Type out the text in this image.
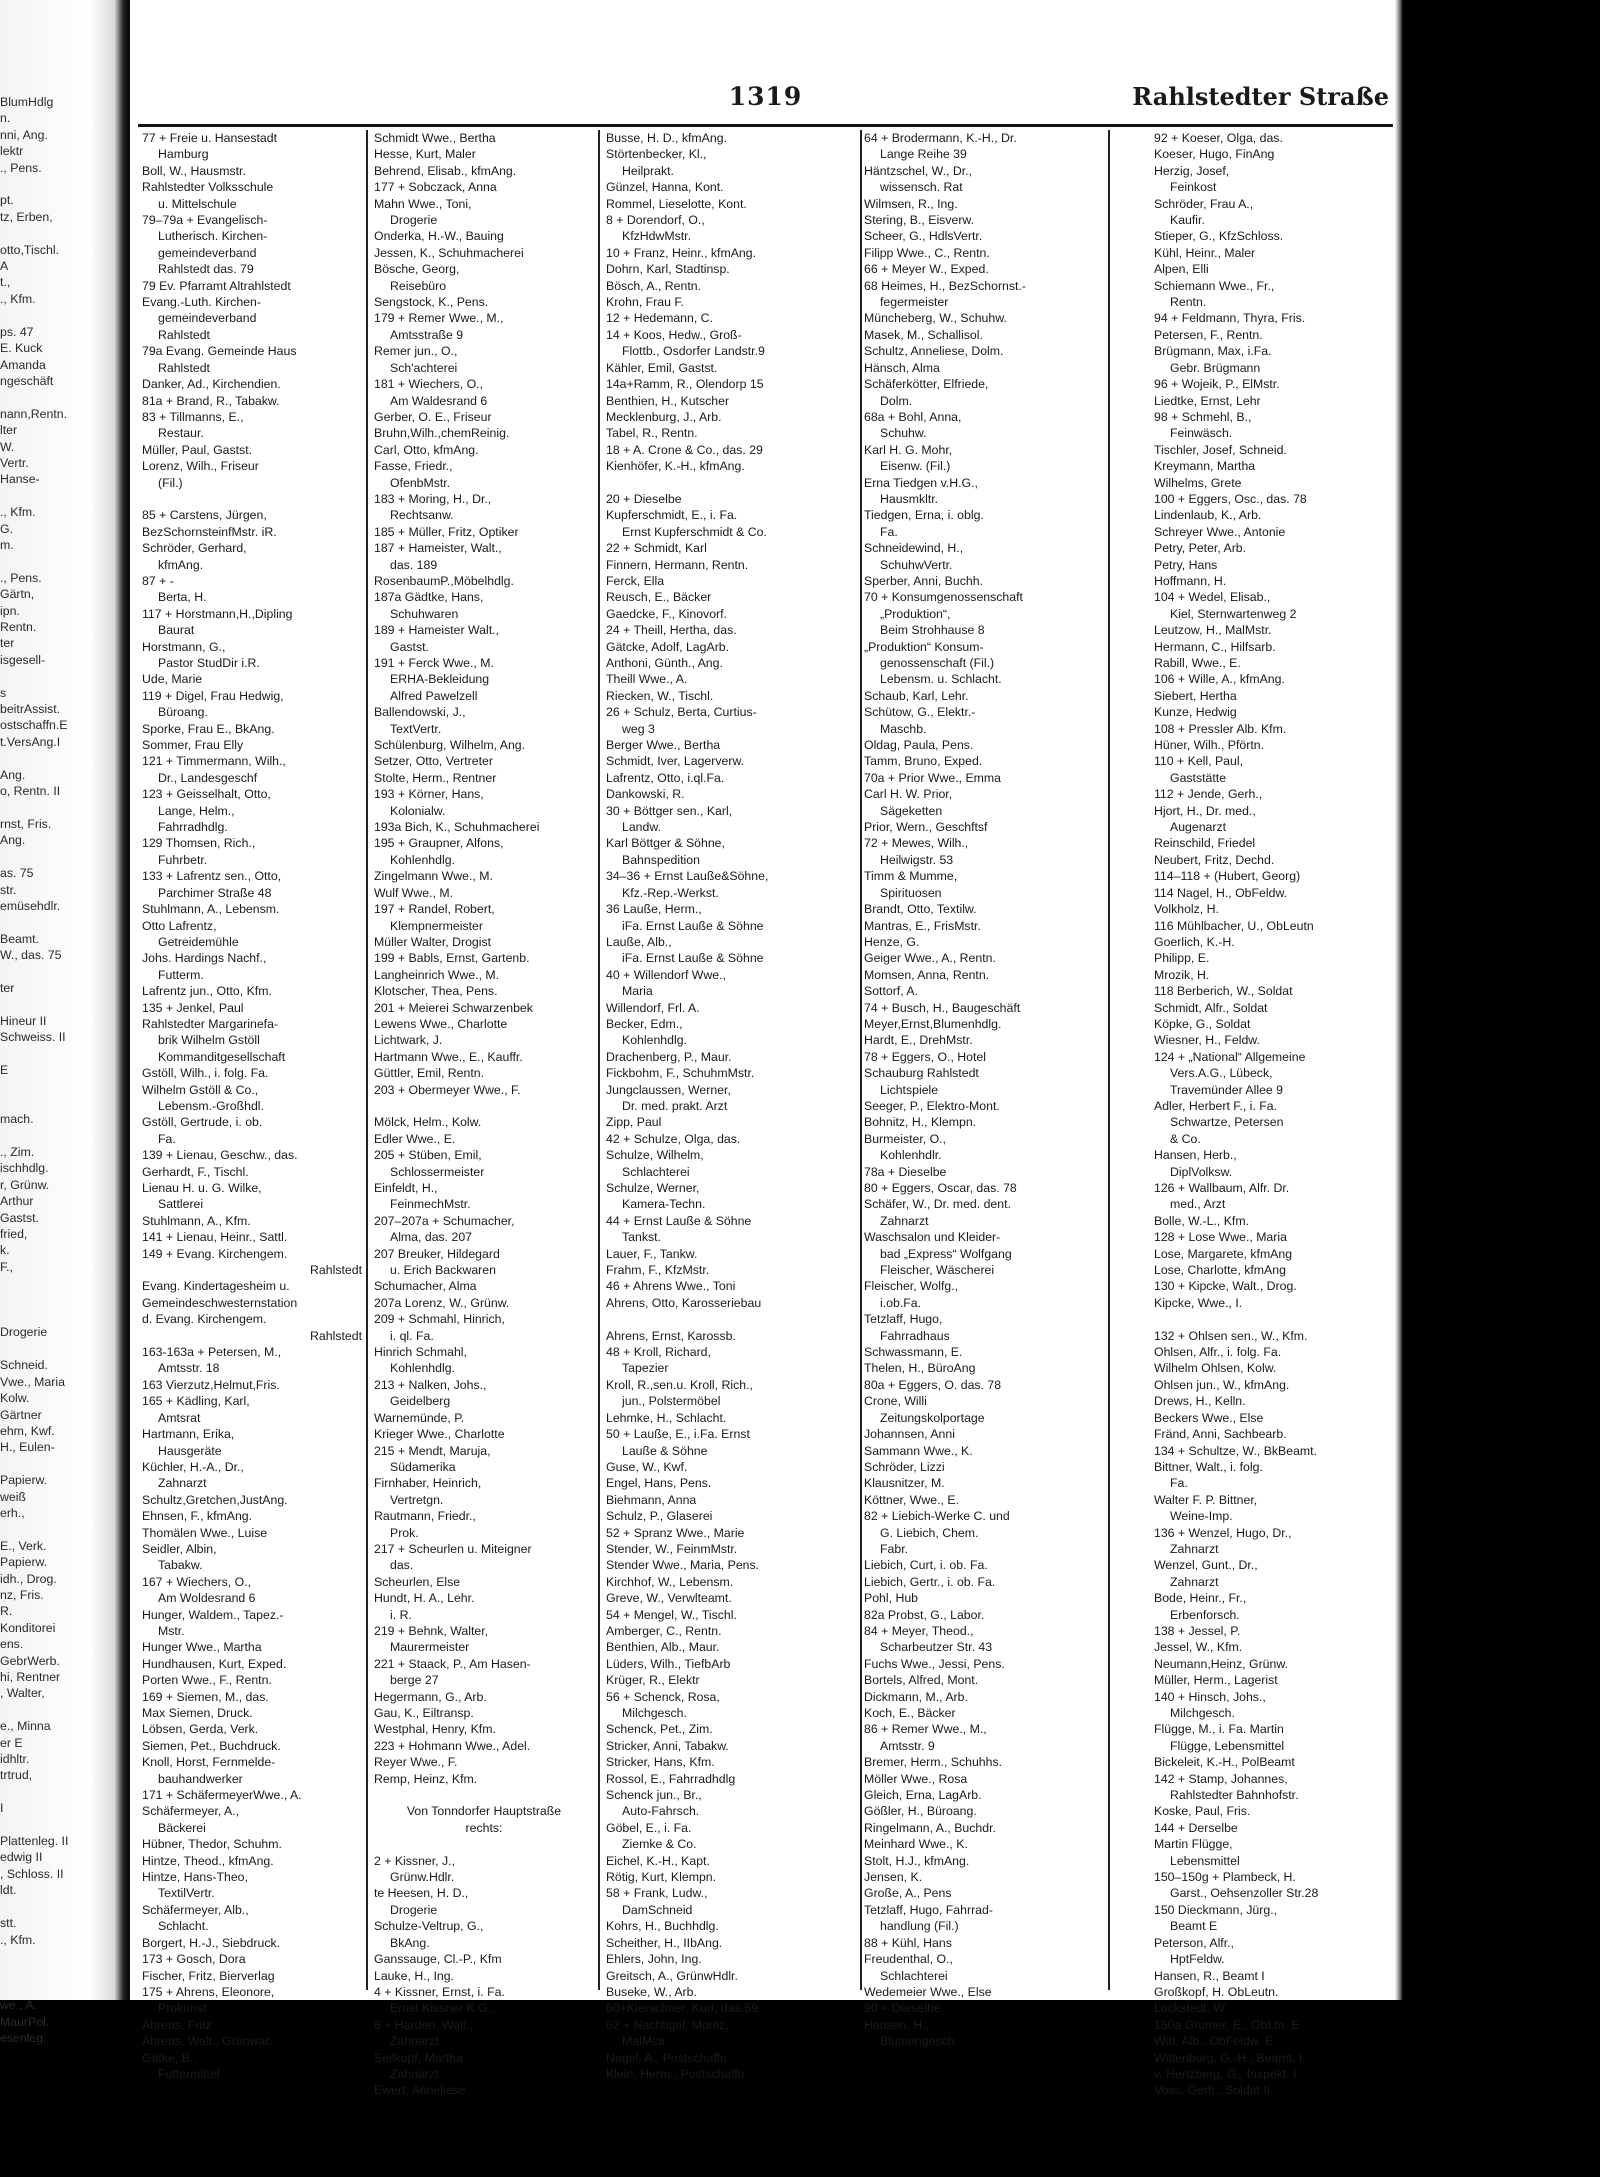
BlumHdlg
n.
nni, Ang.
lektr
., Pens.

pt.
tz, Erben,

otto,Tischl.
A
t.,
., Kfm.

ps. 47
E. Kuck
Amanda
ngeschäft

nann,Rentn.
lter
W.
Vertr.
Hanse-

., Kfm.
G.
m.

., Pens.
Gärtn,
ipn.
Rentn.
ter
isgesell-

s
beitrAssist.
ostschaffn.E
t.VersAng.I

Ang.
o, Rentn. II

rnst, Fris.
Ang.

as. 75
str.
emüsehdlr.

Beamt.
W., das. 75

ter

Hineur II
Schweiss. II

E

mach.

., Zim.
ischhdlg.
r, Grünw.
Arthur
Gastst.
fried,
k.
F.,

Drogerie

Schneid.
Vwe., Maria
Kolw.
Gärtner
ehm, Kwf.
H., Eulen-

Papierw.
weiß
erh.,

E., Verk.
Papierw.
idh., Drog.
nz, Fris.
R.
Konditorei
ens.
GebrWerb.
hi, Rentner
, Walter,

e., Minna
er E
idhltr.
trtrud,

I

Plattenleg. II
edwig II
, Schloss. II
ldt.

stt.
., Kfm.

we., A.
MaurPol.
esenleg.
1319	Rahlstedter Straße
77 + Freie u. Hansestadt
Hamburg
Boll, W., Hausmstr.
Rahlstedter Volksschule
u. Mittelschule
79–79a + Evangelisch-
Lutherisch. Kirchen-
gemeindeverband
Rahlstedt das. 79
79 Ev. Pfarramt Altrahlstedt
Evang.-Luth. Kirchen-
gemeindeverband
Rahlstedt
79a Evang. Gemeinde Haus
Rahlstedt
Danker, Ad., Kirchendien.
81a + Brand, R., Tabakw.
83 + Tillmanns, E.,
Restaur.
Müller, Paul, Gastst.
Lorenz, Wilh., Friseur
(Fil.)

85 + Carstens, Jürgen,
BezSchornsteinfMstr. iR.
Schröder, Gerhard,
kfmAng.
87 + -
Berta, H.
117 + Horstmann,H.,Dipling
Baurat
Horstmann, G.,
Pastor StudDir i.R.
Ude, Marie
119 + Digel, Frau Hedwig,
Büroang.
Sporke, Frau E., BkAng.
Sommer, Frau Elly
121 + Timmermann, Wilh.,
Dr., Landesgeschf
123 + Geisselhalt, Otto,
Lange, Helm.,
Fahrradhdlg.
129 Thomsen, Rich.,
Fuhrbetr.
133 + Lafrentz sen., Otto,
Parchimer Straße 48
Stuhlmann, A., Lebensm.
Otto Lafrentz,
Getreidemühle
Johs. Hardings Nachf.,
Futterm.
Lafrentz jun., Otto, Kfm.
135 + Jenkel, Paul
Rahlstedter Margarinefa-
brik Wilhelm Gstöll
Kommanditgesellschaft
Gstöll, Wilh., i. folg. Fa.
Wilhelm Gstöll & Co.,
Lebensm.-Großhdl.
Gstöll, Gertrude, i. ob.
Fa.
139 + Lienau, Geschw., das.
Gerhardt, F., Tischl.
Lienau H. u. G. Wilke,
Sattlerei
Stuhlmann, A., Kfm.
141 + Lienau, Heinr., Sattl.
149 + Evang. Kirchengem.
Rahlstedt
Evang. Kindertagesheim u.
Gemeindeschwesternstation
d. Evang. Kirchengem.
Rahlstedt
163-163a + Petersen, M.,
Amtsstr. 18
163 Vierzutz,Helmut,Fris.
165 + Kädling, Karl,
Amtsrat
Hartmann, Erika,
Hausgeräte
Küchler, H.-A., Dr.,
Zahnarzt
Schultz,Gretchen,JustAng.
Ehnsen, F., kfmAng.
Thomälen Wwe., Luise
Seidler, Albin,
Tabakw.
167 + Wiechers, O.,
Am Woldesrand 6
Hunger, Waldem., Tapez.-
Mstr.
Hunger Wwe., Martha
Hundhausen, Kurt, Exped.
Porten Wwe., F., Rentn.
169 + Siemen, M., das.
Max Siemen, Druck.
Löbsen, Gerda, Verk.
Siemen, Pet., Buchdruck.
Knoll, Horst, Fernmelde-
bauhandwerker
171 + SchäfermeyerWwe., A.
Schäfermeyer, A.,
Bäckerei
Hübner, Thedor, Schuhm.
Hintze, Theod., kfmAng.
Hintze, Hans-Theo,
TextilVertr.
Schäfermeyer, Alb.,
Schlacht.
Borgert, H.-J., Siebdruck.
173 + Gosch, Dora
Fischer, Fritz, Bierverlag
175 + Ahrens, Eleonore,
Prokurist.
Ahrens, Fritz
Ahrens, Walt., Grünwar.
Gätke, B.,
Futtermittel
Schmidt Wwe., Bertha
Hesse, Kurt, Maler
Behrend, Elisab., kfmAng.
177 + Sobczack, Anna
Mahn Wwe., Toni,
Drogerie
Onderka, H.-W., Bauing
Jessen, K., Schuhmacherei
Bösche, Georg,
Reisebüro
Sengstock, K., Pens.
179 + Remer Wwe., M.,
Amtsstraße 9
Remer jun., O.,
Sch'achterei
181 + Wiechers, O.,
Am Waldesrand 6
Gerber, O. E., Friseur
Bruhn,Wilh.,chemReinig.
Carl, Otto, kfmAng.
Fasse, Friedr.,
OfenbMstr.
183 + Moring, H., Dr.,
Rechtsanw.
185 + Müller, Fritz, Optiker
187 + Hameister, Walt.,
das. 189
RosenbaumP.,Möbelhdlg.
187a Gädtke, Hans,
Schuhwaren
189 + Hameister Walt.,
Gastst.
191 + Ferck Wwe., M.
ERHA-Bekleidung
Alfred Pawelzell
Ballendowski, J.,
TextVertr.
Schülenburg, Wilhelm, Ang.
Setzer, Otto, Vertreter
Stolte, Herm., Rentner
193 + Körner, Hans,
Kolonialw.
193a Bich, K., Schuhmacherei
195 + Graupner, Alfons,
Kohlenhdlg.
Zingelmann Wwe., M.
Wulf Wwe., M.
197 + Randel, Robert,
Klempnermeister
Müller Walter, Drogist
199 + Babls, Ernst, Gartenb.
Langheinrich Wwe., M.
Klotscher, Thea, Pens.
201 + Meierei Schwarzenbek
Lewens Wwe., Charlotte
Lichtwark, J.
Hartmann Wwe., E., Kauffr.
Güttler, Emil, Rentn.
203 + Obermeyer Wwe., F.

Mölck, Helm., Kolw.
Edler Wwe., E.
205 + Stüben, Emil,
Schlossermeister
Einfeldt, H.,
FeinmechMstr.
207–207a + Schumacher,
Alma, das. 207
207 Breuker, Hildegard
u. Erich Backwaren
Schumacher, Alma
207a Lorenz, W., Grünw.
209 + Schmahl, Hinrich,
i. ql. Fa.
Hinrich Schmahl,
Kohlenhdlg.
213 + Nalken, Johs.,
Geidelberg
Warnemünde, P.
Krieger Wwe., Charlotte
215 + Mendt, Maruja,
Südamerika
Firnhaber, Heinrich,
Vertretgn.
Rautmann, Friedr.,
Prok.
217 + Scheurlen u. Miteigner
das.
Scheurlen, Else
Hundt, H. A., Lehr.
i. R.
219 + Behnk, Walter,
Maurermeister
221 + Staack, P., Am Hasen-
berge 27
Hegermann, G., Arb.
Gau, K., Eiltransp.
Westphal, Henry, Kfm.
223 + Hohmann Wwe., Adel.
Reyer Wwe., F.
Remp, Heinz, Kfm.

Von Tonndorfer Hauptstraße
rechts:

2 + Kissner, J.,
Grünw.Hdlr.
te Heesen, H. D.,
Drogerie
Schulze-Veltrup, G.,
BkAng.
Ganssauge, Cl.-P., Kfm
Lauke, H., Ing.
4 + Kissner, Ernst, i. Fa.
Ernst Kissner K.G.,
6 + Harden, Walt.,
Zahnarzt
Seilkopf, Martha
Zahnärzt.
Ewert, Anneliese
Busse, H. D., kfmAng.
Störtenbecker, Kl.,
Heilprakt.
Günzel, Hanna, Kont.
Rommel, Lieselotte, Kont.
8 + Dorendorf, O.,
KfzHdwMstr.
10 + Franz, Heinr., kfmAng.
Dohrn, Karl, Stadtinsp.
Bösch, A., Rentn.
Krohn, Frau F.
12 + Hedemann, C.
14 + Koos, Hedw., Groß-
Flottb., Osdorfer Landstr.9
Kähler, Emil, Gastst.
14a+Ramm, R., Olendorp 15
Benthien, H., Kutscher
Mecklenburg, J., Arb.
Tabel, R., Rentn.
18 + A. Crone & Co., das. 29
Kienhöfer, K.-H., kfmAng.

20 + Dieselbe
Kupferschmidt, E., i. Fa.
Ernst Kupferschmidt & Co.
22 + Schmidt, Karl
Finnern, Hermann, Rentn.
Ferck, Ella
Reusch, E., Bäcker
Gaedcke, F., Kinovorf.
24 + Theill, Hertha, das.
Gätcke, Adolf, LagArb.
Anthoni, Günth., Ang.
Theill Wwe., A.
Riecken, W., Tischl.
26 + Schulz, Berta, Curtius-
weg 3
Berger Wwe., Bertha
Schmidt, Iver, Lagerverw.
Lafrentz, Otto, i.ql.Fa.
Dankowski, R.
30 + Böttger sen., Karl,
Landw.
Karl Böttger & Söhne,
Bahnspedition
34–36 + Ernst Lauße&Söhne,
Kfz.-Rep.-Werkst.
36 Lauße, Herm.,
iFa. Ernst Lauße & Söhne
Lauße, Alb.,
iFa. Ernst Lauße & Söhne
40 + Willendorf Wwe.,
Maria
Willendorf, Frl. A.
Becker, Edm.,
Kohlenhdlg.
Drachenberg, P., Maur.
Fickbohm, F., SchuhmMstr.
Jungclaussen, Werner,
Dr. med. prakt. Arzt
Zipp, Paul
42 + Schulze, Olga, das.
Schulze, Wilhelm,
Schlachterei
Schulze, Werner,
Kamera-Techn.
44 + Ernst Lauße & Söhne
Tankst.
Lauer, F., Tankw.
Frahm, F., KfzMstr.
46 + Ahrens Wwe., Toni
Ahrens, Otto, Karosseriebau

Ahrens, Ernst, Karossb.
48 + Kroll, Richard,
Tapezier
Kroll, R.,sen.u. Kroll, Rich.,
jun., Polstermöbel
Lehmke, H., Schlacht.
50 + Lauße, E., i.Fa. Ernst
Lauße & Söhne
Guse, W., Kwf.
Engel, Hans, Pens.
Biehmann, Anna
Schulz, P., Glaserei
52 + Spranz Wwe., Marie
Stender, W., FeinmMstr.
Stender Wwe., Maria, Pens.
Kirchhof, W., Lebensm.
Greve, W., Verwlteamt.
54 + Mengel, W., Tischl.
Amberger, C., Rentn.
Benthien, Alb., Maur.
Lüders, Wilh., TiefbArb
Krüger, R., Elektr
56 + Schenck, Rosa,
Milchgesch.
Schenck, Pet., Zim.
Stricker, Anni, Tabakw.
Stricker, Hans, Kfm.
Rossol, E., Fahrradhdlg
Schenck jun., Br.,
Auto-Fahrsch.
Göbel, E., i. Fa.
Ziemke & Co.
Eichel, K.-H., Kapt.
Rötig, Kurt, Klempn.
58 + Frank, Ludw.,
DamSchneid
Kohrs, H., Buchhdlg.
Scheither, H., IIbAng.
Ehlers, John, Ing.
Greitsch, A., GrünwHdlr.
Buseke, W., Arb.
60+Kierschner, Kurt, das.59
62 + Nachtigal, Moritz,
MalMstr.
Nagel, A., Postschaffn.
Klein, Herm., Postschaffn.
64 + Brodermann, K.-H., Dr.
Lange Reihe 39
Häntzschel, W., Dr.,
wissensch. Rat
Wilmsen, R., Ing.
Stering, B., Eisverw.
Scheer, G., HdlsVertr.
Filipp Wwe., C., Rentn.
66 + Meyer W., Exped.
68 Heimes, H., BezSchornst.-
fegermeister
Müncheberg, W., Schuhw.
Masek, M., Schallisol.
Schultz, Anneliese, Dolm.
Hänsch, Alma
Schäferkötter, Elfriede,
Dolm.
68a + Bohl, Anna,
Schuhw.
Karl H. G. Mohr,
Eisenw. (Fil.)
Erna Tiedgen v.H.G.,
Hausmkltr.
Tiedgen, Erna, i. oblg.
Fa.
Schneidewind, H.,
SchuhwVertr.
Sperber, Anni, Buchh.
70 + Konsumgenossenschaft
„Produktion“,
Beim Strohhause 8
„Produktion“ Konsum-
genossenschaft (Fil.)
Lebensm. u. Schlacht.
Schaub, Karl, Lehr.
Schütow, G., Elektr.-
Maschb.
Oldag, Paula, Pens.
Tamm, Bruno, Exped.
70a + Prior Wwe., Emma
Carl H. W. Prior,
Sägeketten
Prior, Wern., Geschftsf
72 + Mewes, Wilh.,
Heilwigstr. 53
Timm & Mumme,
Spirituosen
Brandt, Otto, Textilw.
Mantras, E., FrisMstr.
Henze, G.
Geiger Wwe., A., Rentn.
Momsen, Anna, Rentn.
Sottorf, A.
74 + Busch, H., Baugeschäft
Meyer,Ernst,Blumenhdlg.
Hardt, E., DrehMstr.
78 + Eggers, O., Hotel
Schauburg Rahlstedt
Lichtspiele
Seeger, P., Elektro-Mont.
Bohnitz, H., Klempn.
Burmeister, O.,
Kohlenhdlr.
78a + Dieselbe
80 + Eggers, Oscar, das. 78
Schäfer, W., Dr. med. dent.
Zahnarzt
Waschsalon und Kleider-
bad „Express“ Wolfgang
Fleischer, Wäscherei
Fleischer, Wolfg.,
i.ob.Fa.
Tetzlaff, Hugo,
Fahrradhaus
Schwassmann, E.
Thelen, H., BüroAng
80a + Eggers, O. das. 78
Crone, Willi
Zeitungskolportage
Johannsen, Anni
Sammann Wwe., K.
Schröder, Lizzi
Klausnitzer, M.
Köttner, Wwe., E.
82 + Liebich-Werke C. und
G. Liebich, Chem.
Fabr.
Liebich, Curt, i. ob. Fa.
Liebich, Gertr., i. ob. Fa.
Pohl, Hub
82a Probst, G., Labor.
84 + Meyer, Theod.,
Scharbeutzer Str. 43
Fuchs Wwe., Jessi, Pens.
Bortels, Alfred, Mont.
Dickmann, M., Arb.
Koch, E., Bäcker
86 + Remer Wwe., M.,
Amtsstr. 9
Bremer, Herm., Schuhhs.
Möller Wwe., Rosa
Gleich, Erna, LagArb.
Gößler, H., Büroang.
Ringelmann, A., Buchdr.
Meinhard Wwe., K.
Stolt, H.J., kfmAng.
Jensen, K.
Große, A., Pens
Tetzlaff, Hugo, Fahrrad-
handlung (Fil.)
88 + Kühl, Hans
Freudenthal, O.,
Schlachterei
Wedemeier Wwe., Else
90 + Derselbe
Hansen, H.,
Blumengesch.
92 + Koeser, Olga, das.
Koeser, Hugo, FinAng
Herzig, Josef,
Feinkost
Schröder, Frau A.,
Kaufir.
Stieper, G., KfzSchloss.
Kühl, Heinr., Maler
Alpen, Elli
Schiemann Wwe., Fr.,
Rentn.
94 + Feldmann, Thyra, Fris.
Petersen, F., Rentn.
Brügmann, Max, i.Fa.
Gebr. Brügmann
96 + Wojeik, P., ElMstr.
Liedtke, Ernst, Lehr
98 + Schmehl, B.,
Feinwäsch.
Tischler, Josef, Schneid.
Kreymann, Martha
Wilhelms, Grete
100 + Eggers, Osc., das. 78
Lindenlaub, K., Arb.
Schreyer Wwe., Antonie
Petry, Peter, Arb.
Petry, Hans
Hoffmann, H.
104 + Wedel, Elisab.,
Kiel, Sternwartenweg 2
Leutzow, H., MalMstr.
Hermann, C., Hilfsarb.
Rabill, Wwe., E.
106 + Wille, A., kfmAng.
Siebert, Hertha
Kunze, Hedwig
108 + Pressler Alb. Kfm.
Hüner, Wilh., Pförtn.
110 + Kell, Paul,
Gaststätte
112 + Jende, Gerh.,
Hjort, H., Dr. med.,
Augenarzt
Reinschild, Friedel
Neubert, Fritz, Dechd.
114–118 + (Hubert, Georg)
114 Nagel, H., ObFeldw.
Volkholz, H.
116 Mühlbacher, U., ObLeutn
Goerlich, K.-H.
Philipp, E.
Mrozik, H.
118 Berberich, W., Soldat
Schmidt, Alfr., Soldat
Köpke, G., Soldat
Wiesner, H., Feldw.
124 + „National“ Allgemeine
Vers.A.G., Lübeck,
Travemünder Allee 9
Adler, Herbert F., i. Fa.
Schwartze, Petersen
& Co.
Hansen, Herb.,
DiplVolksw.
126 + Wallbaum, Alfr. Dr.
med., Arzt
Bolle, W.-L., Kfm.
128 + Lose Wwe., Maria
Lose, Margarete, kfmAng
Lose, Charlotte, kfmAng
130 + Kipcke, Walt., Drog.
Kipcke, Wwe., I.

132 + Ohlsen sen., W., Kfm.
Ohlsen, Alfr., i. folg. Fa.
Wilhelm Ohlsen, Kolw.
Ohlsen jun., W., kfmAng.
Drews, H., Kelln.
Beckers Wwe., Else
Fränd, Anni, Sachbearb.
134 + Schultze, W., BkBeamt.
Bittner, Walt., i. folg.
Fa.
Walter F. P. Bittner,
Weine-Imp.
136 + Wenzel, Hugo, Dr.,
Zahnarzt
Wenzel, Gunt., Dr.,
Zahnarzt
Bode, Heinr., Fr.,
Erbenforsch.
138 + Jessel, P.
Jessel, W., Kfm.
Neumann,Heinz, Grünw.
Müller, Herm., Lagerist
140 + Hinsch, Johs.,
Milchgesch.
Flügge, M., i. Fa. Martin
Flügge, Lebensmittel
Bickeleit, K.-H., PolBeamt
142 + Stamp, Johannes,
Rahlstedter Bahnhofstr.
Koske, Paul, Fris.
144 + Derselbe
Martin Flügge,
Lebensmittel
150–150g + Plambeck, H.
Garst., Oehsenzoller Str.28
150 Dieckmann, Jürg.,
Beamt E
Peterson, Alfr.,
HptFeldw.
Hansen, R., Beamt I
Großkopf, H. ObLeutn.
Lockstedt, W.
150a Grumer, E., ObLtn. E
Witt, Alb., ObFeldw. E
Wittenburg, G.-H., Beamt. I
v. Hertzberg, G., Inspekt. I
Voss, Gerh., Soldat II
